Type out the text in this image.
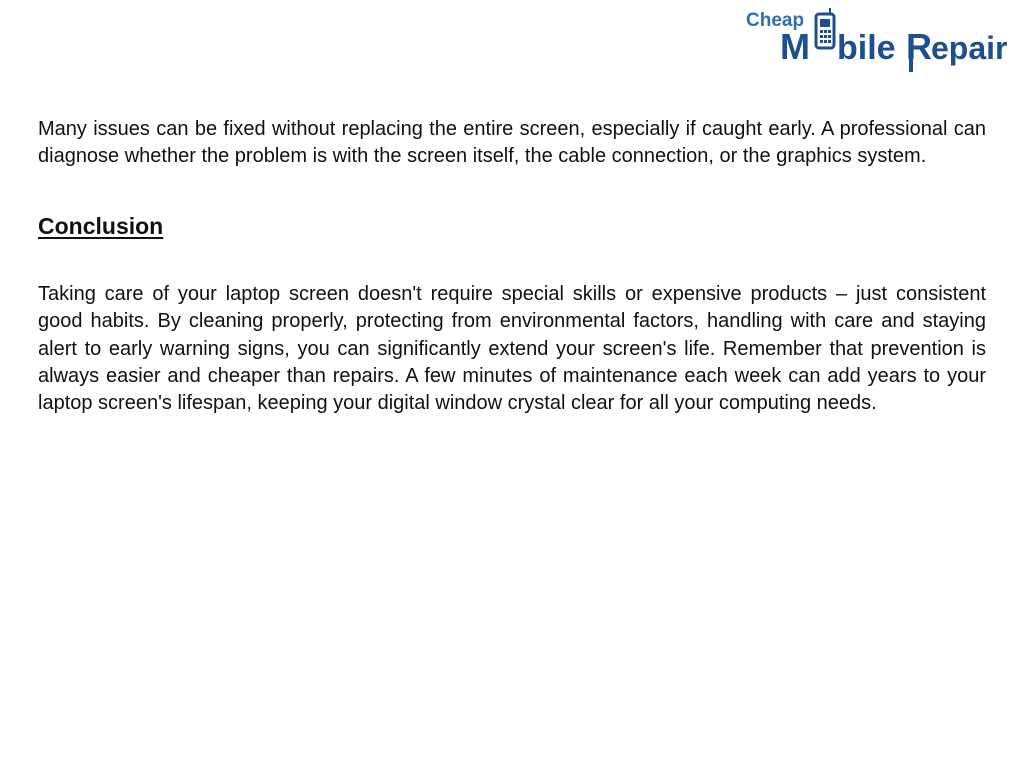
Cheap
M bile R epair

Many issues can be fixed without replacing the entire screen, especially if caught early. A professional can diagnose whether the problem is with the screen itself, the cable connection, or the graphics system.

Conclusion

Taking care of your laptop screen doesn't require special skills or expensive products – just consistent good habits. By cleaning properly, protecting from environmental factors, handling with care and staying alert to early warning signs, you can significantly extend your screen's life. Remember that prevention is always easier and cheaper than repairs. A few minutes of maintenance each week can add years to your laptop screen's lifespan, keeping your digital window crystal clear for all your computing needs.
